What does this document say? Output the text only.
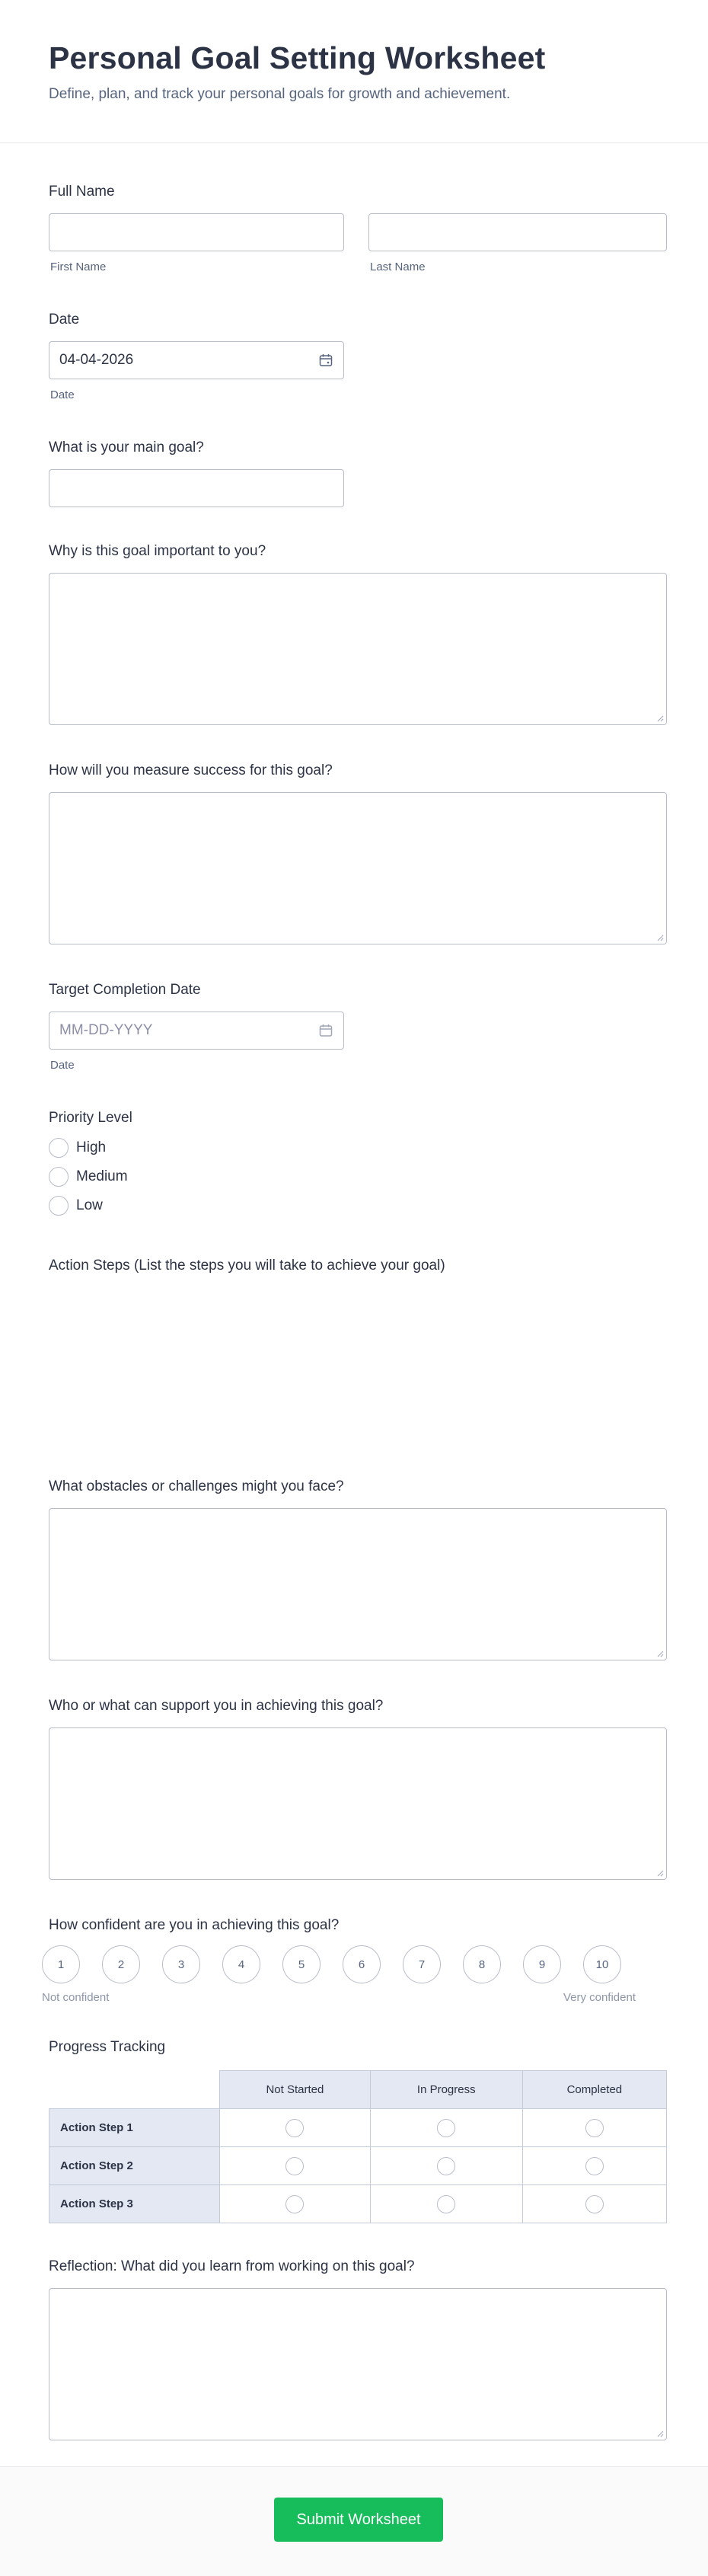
Personal Goal Setting Worksheet

Define, plan, and track your personal goals for growth and achievement.

Full Name
First Name	Last Name
Date
04-04-2026
Date
What is your main goal?
Why is this goal important to you?
How will you measure success for this goal?
Target Completion Date
MM-DD-YYYY
Date
Priority Level
High
Medium
Low
Action Steps (List the steps you will take to achieve your goal)
What obstacles or challenges might you face?
Who or what can support you in achieving this goal?
How confident are you in achieving this goal?
1	2	3	4	5	6	7	8	9	10
Not confident	Very confident
Progress Tracking
	Not Started	In Progress	Completed
Action Step 1			
Action Step 2			
Action Step 3			
Reflection: What did you learn from working on this goal?
Submit Worksheet
